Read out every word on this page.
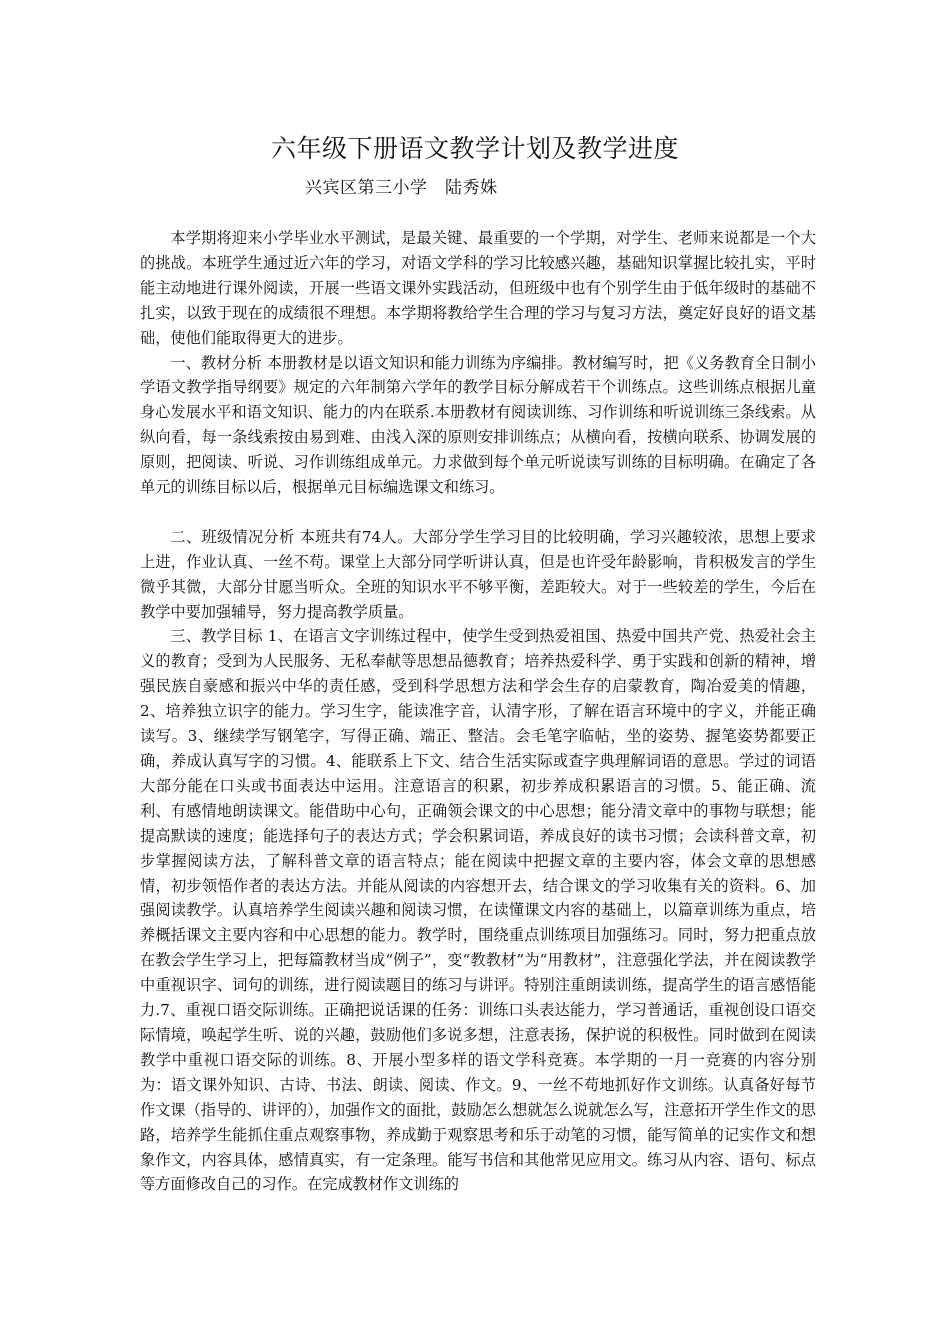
六年级下册语文教学计划及教学进度
兴宾区第三小学　陆秀姝

本学期将迎来小学毕业水平测试，是最关键、最重要的一个学期，对学生、老师来说都是一个大的挑战。本班学生通过近六年的学习，对语文学科的学习比较感兴趣，基础知识掌握比较扎实，平时能主动地进行课外阅读，开展一些语文课外实践活动，但班级中也有个别学生由于低年级时的基础不扎实，以致于现在的成绩很不理想。本学期将教给学生合理的学习与复习方法，奠定好良好的语文基础，使他们能取得更大的进步。

一、教材分析 本册教材是以语文知识和能力训练为序编排。教材编写时，把《义务教育全日制小学语文教学指导纲要》规定的六年制第六学年的教学目标分解成若干个训练点。这些训练点根据儿童身心发展水平和语文知识、能力的内在联系.本册教材有阅读训练、习作训练和听说训练三条线索。从纵向看，每一条线索按由易到难、由浅入深的原则安排训练点；从横向看，按横向联系、协调发展的原则，把阅读、听说、习作训练组成单元。力求做到每个单元听说读写训练的目标明确。在确定了各单元的训练目标以后，根据单元目标编选课文和练习。

二、班级情况分析 本班共有74人。大部分学生学习目的比较明确，学习兴趣较浓，思想上要求上进，作业认真、一丝不苟。课堂上大部分同学听讲认真，但是也许受年龄影响，肯积极发言的学生微乎其微，大部分甘愿当听众。全班的知识水平不够平衡，差距较大。对于一些较差的学生，今后在教学中要加强辅导，努力提高教学质量。

三、教学目标 1、在语言文字训练过程中，使学生受到热爱祖国、热爱中国共产党、热爱社会主义的教育；受到为人民服务、无私奉献等思想品德教育；培养热爱科学、勇于实践和创新的精神，增强民族自豪感和振兴中华的责任感，受到科学思想方法和学会生存的启蒙教育，陶冶爱美的情趣， 2、培养独立识字的能力。学习生字，能读准字音，认清字形，了解在语言环境中的字义，并能正确读写。3、继续学写钢笔字，写得正确、端正、整洁。会毛笔字临帖，坐的姿势、握笔姿势都要正确，养成认真写字的习惯。4、能联系上下文、结合生活实际或查字典理解词语的意思。学过的词语大部分能在口头或书面表达中运用。注意语言的积累，初步养成积累语言的习惯。5、能正确、流利、有感情地朗读课文。能借助中心句，正确领会课文的中心思想；能分清文章中的事物与联想；能提高默读的速度；能选择句子的表达方式；学会积累词语，养成良好的读书习惯；会读科普文章，初步掌握阅读方法，了解科普文章的语言特点；能在阅读中把握文章的主要内容，体会文章的思想感情，初步领悟作者的表达方法。并能从阅读的内容想开去，结合课文的学习收集有关的资料。6、加强阅读教学。认真培养学生阅读兴趣和阅读习惯，在读懂课文内容的基础上，以篇章训练为重点，培养概括课文主要内容和中心思想的能力。教学时，围绕重点训练项目加强练习。同时，努力把重点放在教会学生学习上，把每篇教材当成“例子”，变“教教材”为“用教材”，注意强化学法，并在阅读教学中重视识字、词句的训练，进行阅读题目的练习与讲评。特别注重朗读训练，提高学生的语言感悟能力.7、重视口语交际训练。正确把说话课的任务：训练口头表达能力，学习普通话，重视创设口语交际情境，唤起学生听、说的兴趣，鼓励他们多说多想，注意表扬，保护说的积极性。同时做到在阅读教学中重视口语交际的训练。8、开展小型多样的语文学科竞赛。本学期的一月一竞赛的内容分别为：语文课外知识、古诗、书法、朗读、阅读、作文。9、一丝不苟地抓好作文训练。认真备好每节作文课（指导的、讲评的），加强作文的面批，鼓励怎么想就怎么说就怎么写，注意拓开学生作文的思路，培养学生能抓住重点观察事物，养成勤于观察思考和乐于动笔的习惯，能写简单的记实作文和想象作文，内容具体，感情真实，有一定条理。能写书信和其他常见应用文。练习从内容、语句、标点等方面修改自己的习作。在完成教材作文训练的
